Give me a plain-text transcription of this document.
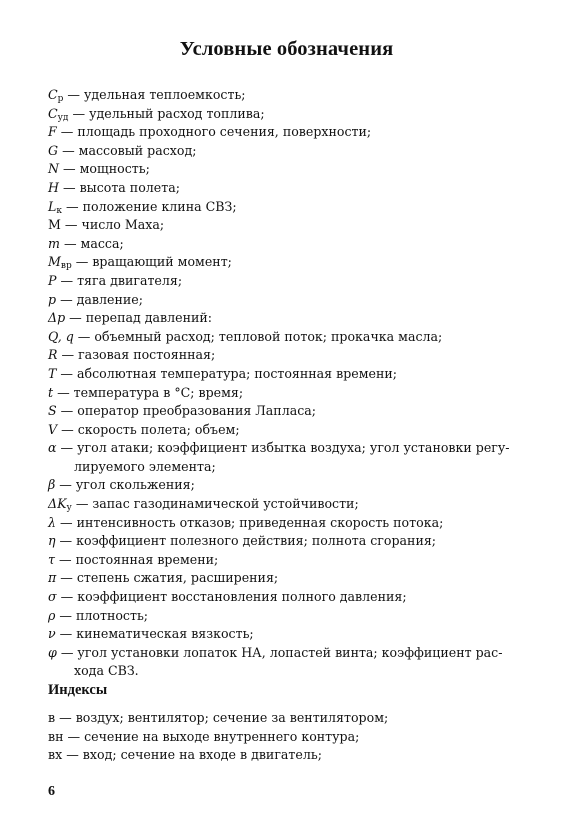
Условные обозначения
$C_р$ — удельная теплоемкость;
$C_{уд}$ — удельный расход топлива;
F — площадь проходного сечения, поверхности;
G — массовый расход;
N — мощность;
H — высота полета;
$L_к$ — положение клина СВЗ;
М — число Маха;
m — масса;
$M_{вр}$ — вращающий момент;
P — тяга двигателя;
p — давление;
Δp — перепад давлений:
Q, q — объемный расход; тепловой поток; прокачка масла;
R — газовая постоянная;
T — абсолютная температура; постоянная времени;
t — температура в °С; время;
S — оператор преобразования Лапласа;
V — скорость полета; объем;
α — угол атаки; коэффициент избытка воздуха; угол установки регу-
лируемого элемента;
β — угол скольжения;
$\Delta K_у$ — запас газодинамической устойчивости;
λ — интенсивность отказов; приведенная скорость потока;
η — коэффициент полезного действия; полнота сгорания;
τ — постоянная времени;
π — степень сжатия, расширения;
σ — коэффициент восстановления полного давления;
ρ — плотность;
ν — кинематическая вязкость;
φ — угол установки лопаток НА, лопастей винта; коэффициент рас-
хода СВЗ.
Индексы
в — воздух; вентилятор; сечение за вентилятором;
вн — сечение на выходе внутреннего контура;
вх — вход; сечение на входе в двигатель;
6
